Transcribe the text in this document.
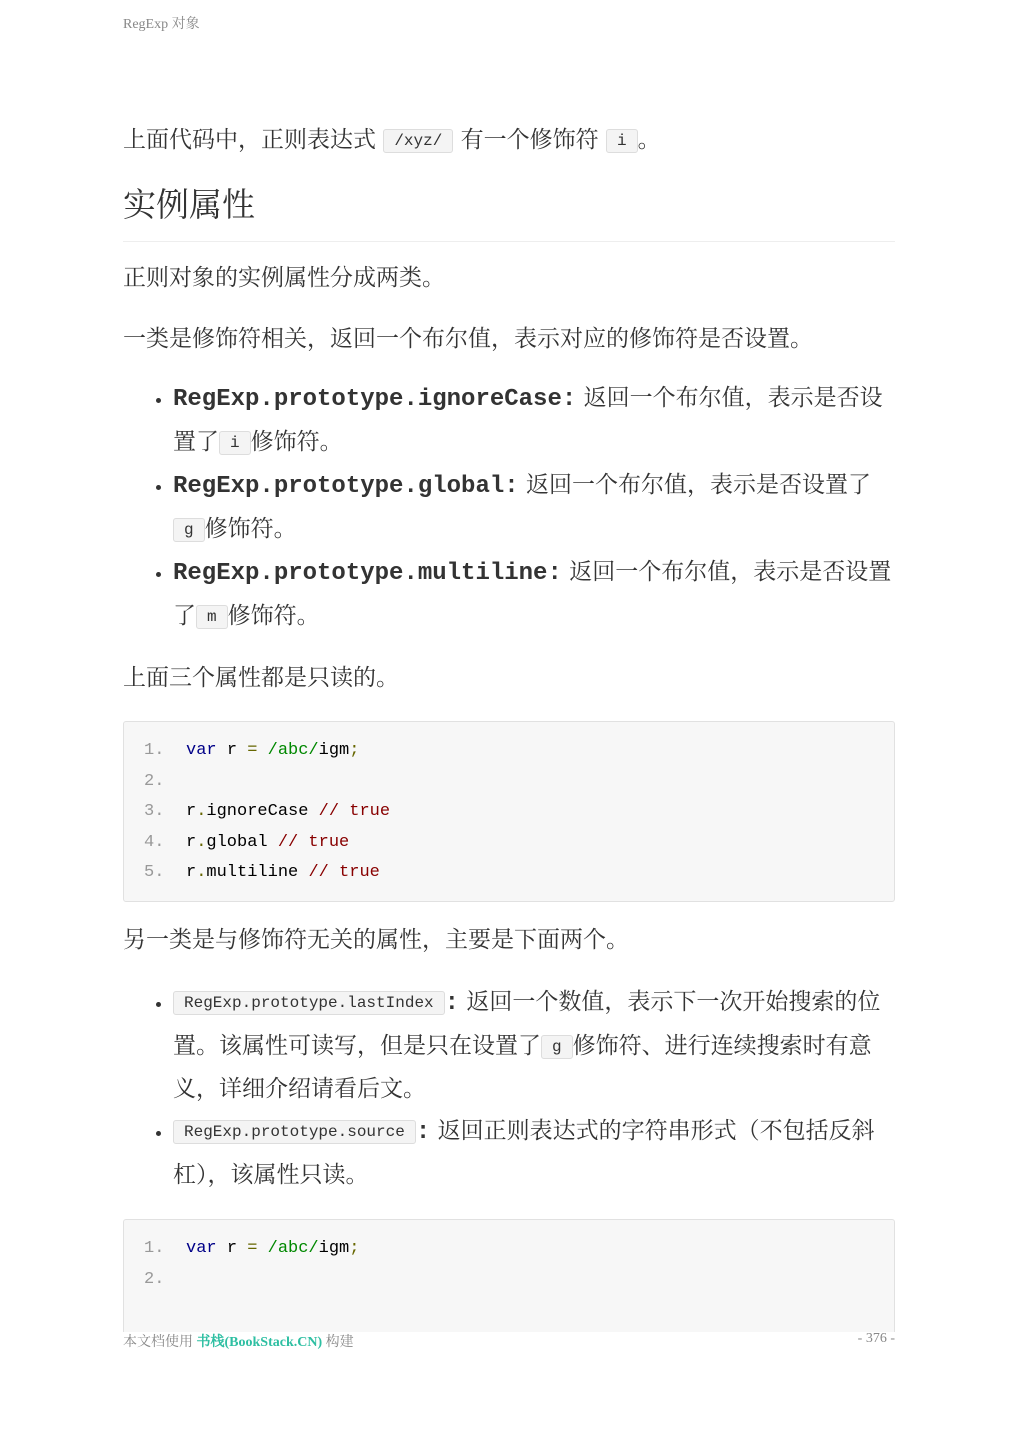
RegExp 对象

上面代码中，正则表达式 /xyz/ 有一个修饰符 i 。

实例属性

正则对象的实例属性分成两类。

一类是修饰符相关，返回一个布尔值，表示对应的修饰符是否设置。

• RegExp.prototype.ignoreCase: 返回一个布尔值，表示是否设置了 i 修饰符。
• RegExp.prototype.global: 返回一个布尔值，表示是否设置了g 修饰符。
• RegExp.prototype.multiline: 返回一个布尔值，表示是否设置了 m 修饰符。

上面三个属性都是只读的。

1. var r = /abc/igm;
2.
3. r.ignoreCase // true
4. r.global // true
5. r.multiline // true

另一类是与修饰符无关的属性，主要是下面两个。

• RegExp.prototype.lastIndex : 返回一个数值，表示下一次开始搜索的位置。该属性可读写，但是只在设置了 g 修饰符、进行连续搜索时有意义，详细介绍请看后文。
• RegExp.prototype.source : 返回正则表达式的字符串形式（不包括反斜杠），该属性只读。
1. var r = /abc/igm;
2.
本文档使用 书栈(BookStack.CN) 构建	- 376 -
